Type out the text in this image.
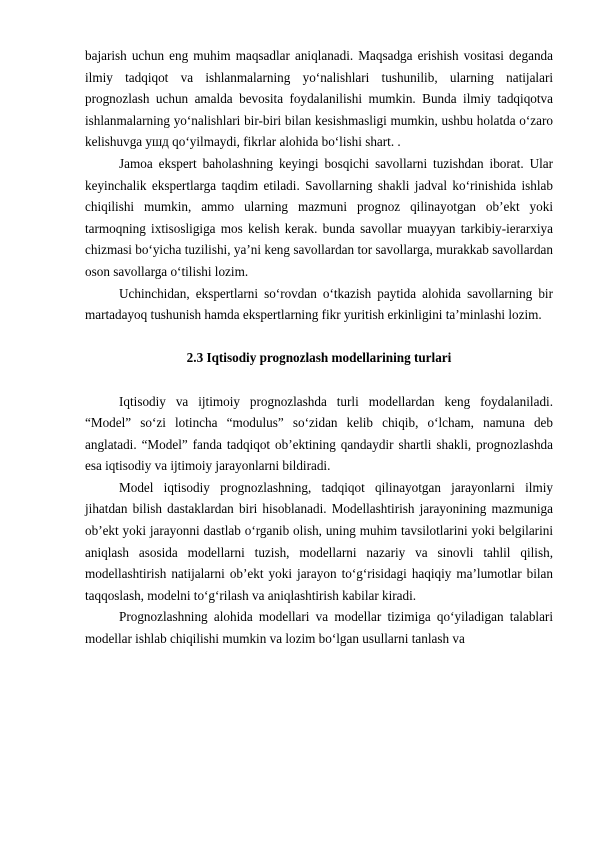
bajarish uchun eng muhim maqsadlar aniqlanadi. Maqsadga erishish vositasi deganda ilmiy tadqiqot va ishlanmalarning yo‘nalishlari tushunilib, ularning natijalari prognozlash uchun amalda bevosita foydalanilishi mumkin. Bunda ilmiy tadqiqotva ishlanmalarning yo‘nalishlari bir-biri bilan kesishmasligi mumkin, ushbu holatda o‘zaro kelishuvga yшд qo‘yilmaydi, fikrlar alohida bo‘lishi shart. .

Jamoa ekspert baholashning keyingi bosqichi savollarni tuzishdan iborat. Ular keyinchalik ekspertlarga taqdim etiladi. Savollarning shakli jadval ko‘rinishida ishlab chiqilishi mumkin, ammo ularning mazmuni prognoz qilinayotgan ob’ekt yoki tarmoqning ixtisosligiga mos kelish kerak. bunda savollar muayyan tarkibiy-ierarxiya chizmasi bo‘yicha tuzilishi, ya’ni keng savollardan tor savollarga, murakkab savollardan oson savollarga o‘tilishi lozim.

Uchinchidan, ekspertlarni so‘rovdan o‘tkazish paytida alohida savollarning bir martadayoq tushunish hamda ekspertlarning fikr yuritish erkinligini ta’minlashi lozim.

2.3 Iqtisodiy prognozlash modellarining turlari

Iqtisodiy va ijtimoiy prognozlashda turli modellardan keng foydalaniladi. “Model” so‘zi lotincha “modulus” so‘zidan kelib chiqib, o‘lcham, namuna deb anglatadi. “Model” fanda tadqiqot ob’ektining qandaydir shartli shakli, prognozlashda esa iqtisodiy va ijtimoiy jarayonlarni bildiradi.

Model iqtisodiy prognozlashning, tadqiqot qilinayotgan jarayonlarni ilmiy jihatdan bilish dastaklardan biri hisoblanadi. Modellashtirish jarayonining mazmuniga ob’ekt yoki jarayonni dastlab o‘rganib olish, uning muhim tavsilotlarini yoki belgilarini aniqlash asosida modellarni tuzish, modellarni nazariy va sinovli tahlil qilish, modellashtirish natijalarni ob’ekt yoki jarayon to‘g‘risidagi haqiqiy ma’lumotlar bilan taqqoslash, modelni to‘g‘rilash va aniqlashtirish kabilar kiradi.

Prognozlashning alohida modellari va modellar tizimiga qo‘yiladigan talablari modellar ishlab chiqilishi mumkin va lozim bo‘lgan usullarni tanlash va
